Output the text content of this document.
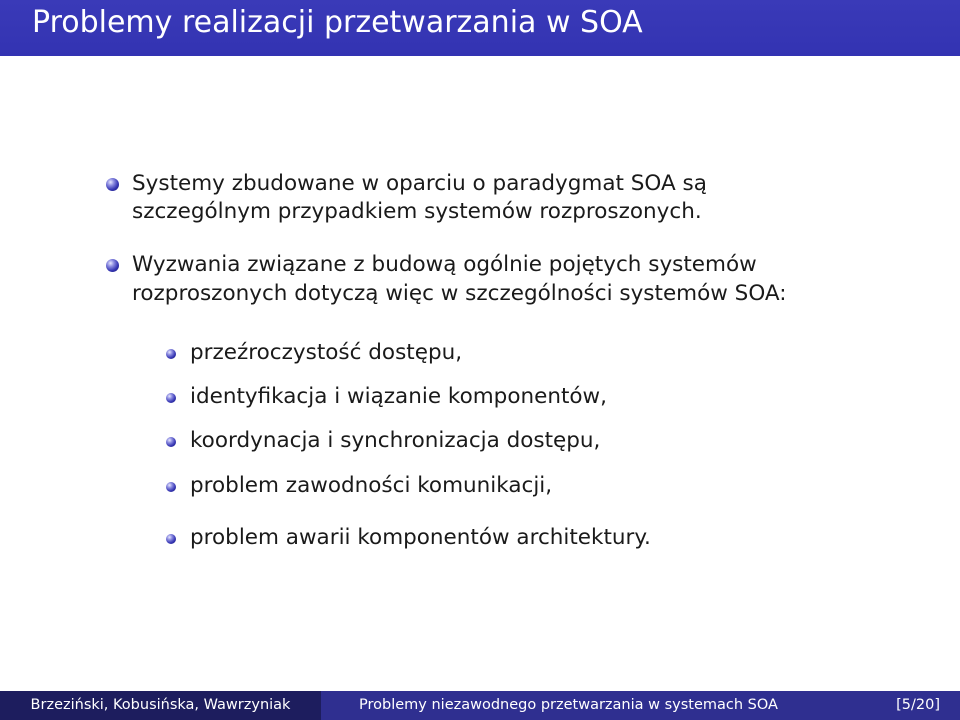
Problemy realizacji przetwarzania w SOA
Systemy zbudowane w oparciu o paradygmat SOA są
szczególnym przypadkiem systemów rozproszonych.
Wyzwania związane z budową ogólnie pojętych systemów
rozproszonych dotyczą więc w szczególności systemów SOA:
przeźroczystość dostępu,
identyfikacja i wiązanie komponentów,
koordynacja i synchronizacja dostępu,
problem zawodności komunikacji,
problem awarii komponentów architektury.
Brzeziński, Kobusińska, Wawrzyniak	Problemy niezawodnego przetwarzania w systemach SOA	[5/20]
